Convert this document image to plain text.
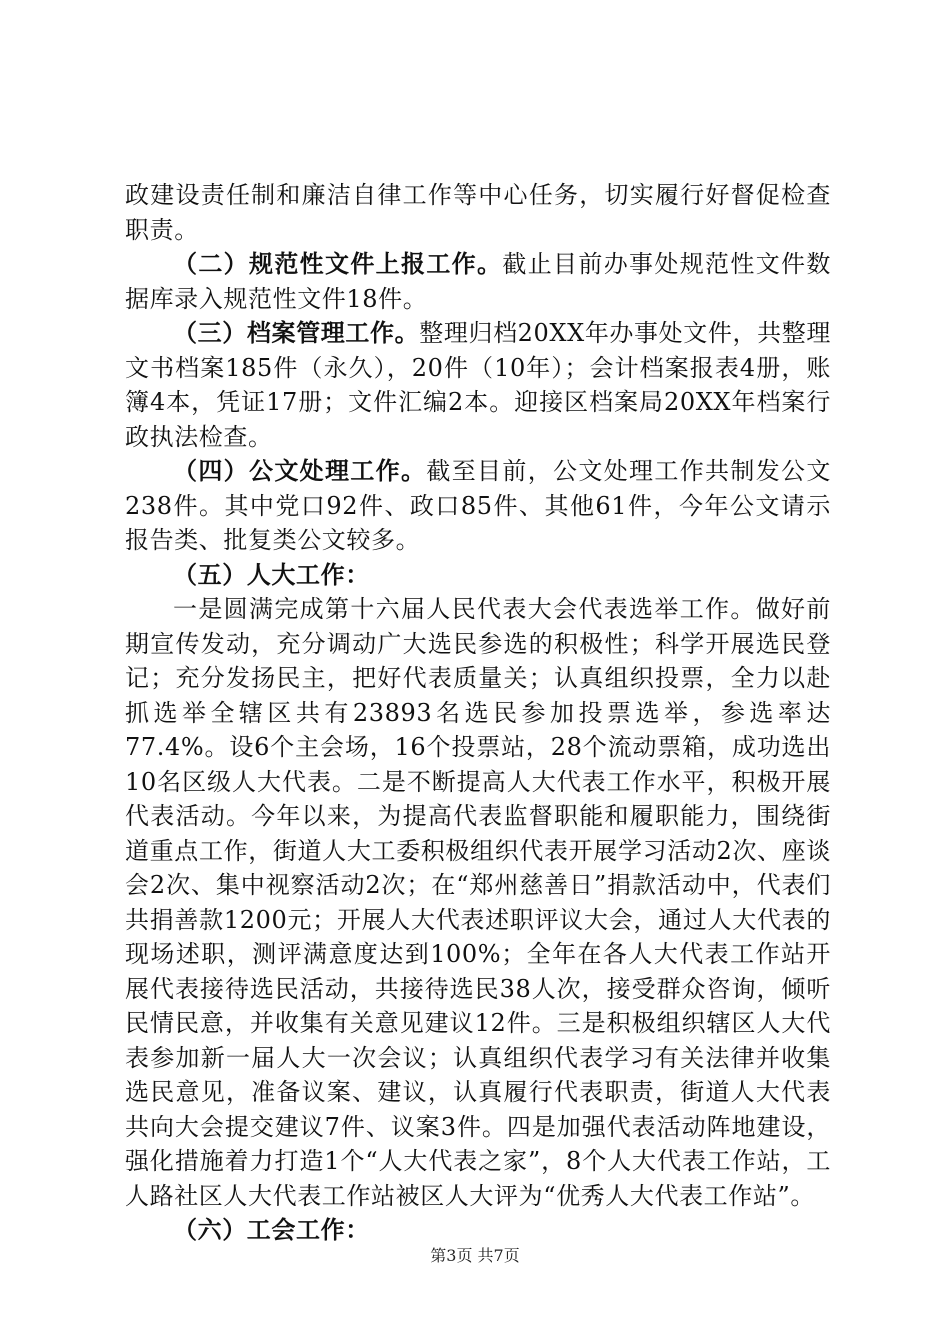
政建设责任制和廉洁自律工作等中心任务，切实履行好督促检查职责。

（二）规范性文件上报工作。截止目前办事处规范性文件数据库录入规范性文件18件。

（三）档案管理工作。整理归档20XX年办事处文件，共整理文书档案185件（永久），20件（10年）；会计档案报表4册，账簿4本，凭证17册；文件汇编2本。迎接区档案局20XX年档案行政执法检查。

（四）公文处理工作。截至目前，公文处理工作共制发公文238件。其中党口92件、政口85件、其他61件，今年公文请示报告类、批复类公文较多。

（五）人大工作：

一是圆满完成第十六届人民代表大会代表选举工作。做好前期宣传发动，充分调动广大选民参选的积极性；科学开展选民登记；充分发扬民主，把好代表质量关；认真组织投票，全力以赴抓选举全辖区共有23893名选民参加投票选举，参选率达77.4%。设6个主会场，16个投票站，28个流动票箱，成功选出10名区级人大代表。二是不断提高人大代表工作水平，积极开展代表活动。今年以来，为提高代表监督职能和履职能力，围绕街道重点工作，街道人大工委积极组织代表开展学习活动2次、座谈会2次、集中视察活动2次；在“郑州慈善日”捐款活动中，代表们共捐善款1200元；开展人大代表述职评议大会，通过人大代表的现场述职，测评满意度达到100%；全年在各人大代表工作站开展代表接待选民活动，共接待选民38人次，接受群众咨询，倾听民情民意，并收集有关意见建议12件。三是积极组织辖区人大代表参加新一届人大一次会议；认真组织代表学习有关法律并收集选民意见，准备议案、建议，认真履行代表职责，街道人大代表共向大会提交建议7件、议案3件。四是加强代表活动阵地建设，强化措施着力打造1个“人大代表之家”，8个人大代表工作站，工人路社区人大代表工作站被区人大评为“优秀人大代表工作站”。

（六）工会工作：

第3页 共7页
